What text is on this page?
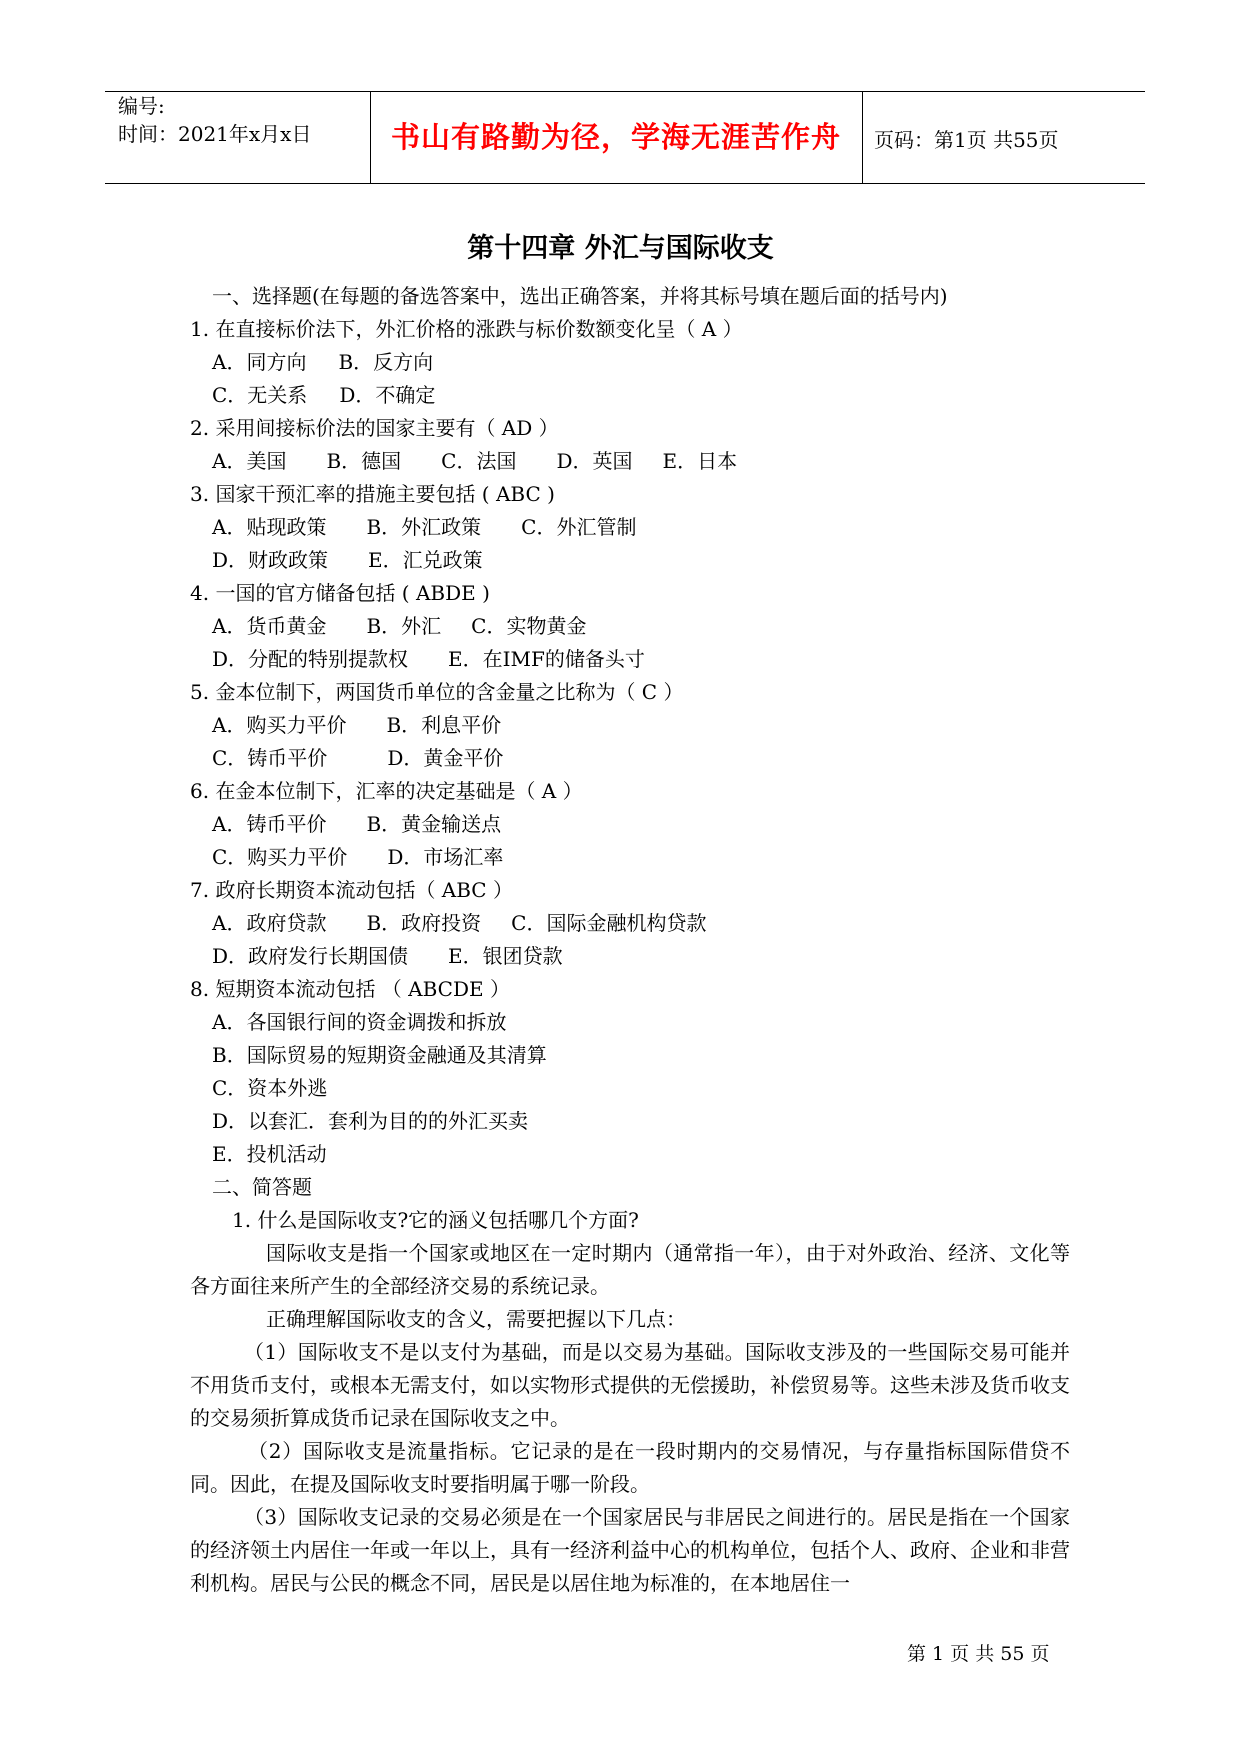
编号:
时间：2021年x月x日	书山有路勤为径，学海无涯苦作舟	页码：第1页 共55页
第十四章 外汇与国际收支
一、选择题(在每题的备选答案中，选出正确答案，并将其标号填在题后面的括号内)
1. 在直接标价法下，外汇价格的涨跌与标价数额变化呈（ A ）
A．同方向 B．反方向
C．无关系 D．不确定
2. 采用间接标价法的国家主要有（ AD ）
A．美国 B．德国 C．法国 D．英国 E．日本
3. 国家干预汇率的措施主要包括 ( ABC )
A．贴现政策 B．外汇政策 C．外汇管制
D．财政政策 E．汇兑政策
4. 一国的官方储备包括 ( ABDE )
A．货币黄金 B．外汇 C．实物黄金
D．分配的特别提款权 E．在IMF的储备头寸
5. 金本位制下，两国货币单位的含金量之比称为（ C ）
A．购买力平价 B．利息平价
C．铸币平价	D．黄金平价
6. 在金本位制下，汇率的决定基础是（ A ）
A．铸币平价 B．黄金输送点
C．购买力平价 D．市场汇率
7. 政府长期资本流动包括（ ABC ）
A．政府贷款 B．政府投资 C．国际金融机构贷款
D．政府发行长期国债 E．银团贷款
8. 短期资本流动包括 （ ABCDE ）
A．各国银行间的资金调拨和拆放
B．国际贸易的短期资金融通及其清算
C．资本外逃
D．以套汇．套利为目的的外汇买卖
E．投机活动
二、简答题
1. 什么是国际收支?它的涵义包括哪几个方面?
国际收支是指一个国家或地区在一定时期内（通常指一年），由于对外政治、经济、文化等各方面往来所产生的全部经济交易的系统记录。
正确理解国际收支的含义，需要把握以下几点：
（1）国际收支不是以支付为基础，而是以交易为基础。国际收支涉及的一些国际交易可能并不用货币支付，或根本无需支付，如以实物形式提供的无偿援助，补偿贸易等。这些未涉及货币收支的交易须折算成货币记录在国际收支之中。
（2）国际收支是流量指标。它记录的是在一段时期内的交易情况，与存量指标国际借贷不同。因此，在提及国际收支时要指明属于哪一阶段。
（3）国际收支记录的交易必须是在一个国家居民与非居民之间进行的。居民是指在一个国家的经济领土内居住一年或一年以上，具有一经济利益中心的机构单位，包括个人、政府、企业和非营利机构。居民与公民的概念不同，居民是以居住地为标准的，在本地居住一
第 1 页 共 55 页
